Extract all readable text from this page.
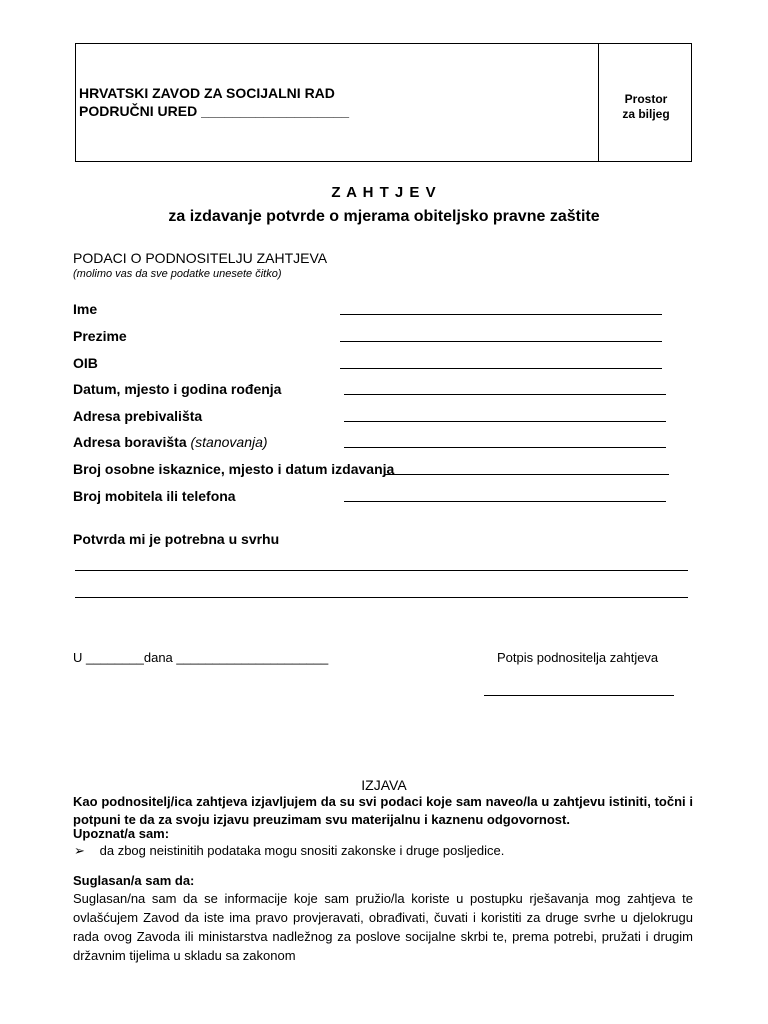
HRVATSKI ZAVOD ZA SOCIJALNI RAD
PODRUČNI URED ___________________
Prostor
za biljeg
Z A H T J E V
za izdavanje potvrde o mjerama obiteljsko pravne zaštite
PODACI O PODNOSITELJU ZAHTJEVA
(molimo vas da sve podatke unesete čitko)
Ime
Prezime
OIB
Datum, mjesto i godina rođenja
Adresa prebivališta
Adresa boravišta (stanovanja)
Broj osobne iskaznice, mjesto i datum izdavanja
Broj mobitela ili telefona
Potvrda mi je potrebna u svrhu
U ________dana _____________________	Potpis podnositelja zahtjeva
IZJAVA
Kao podnositelj/ica zahtjeva izjavljujem da su svi podaci koje sam naveo/la u zahtjevu istiniti, točni i potpuni te da za svoju izjavu preuzimam svu materijalnu i kaznenu odgovornost.
Upoznat/a sam:
➢ da zbog neistinitih podataka mogu snositi zakonske i druge posljedice.
Suglasan/a sam da:
Suglasan/na sam da se informacije koje sam pružio/la koriste u postupku rješavanja mog zahtjeva te ovlašćujem Zavod da iste ima pravo provjeravati, obrađivati, čuvati i koristiti za druge svrhe u djelokrugu rada ovog Zavoda ili ministarstva nadležnog za poslove socijalne skrbi te, prema potrebi, pružati i drugim državnim tijelima u skladu sa zakonom
